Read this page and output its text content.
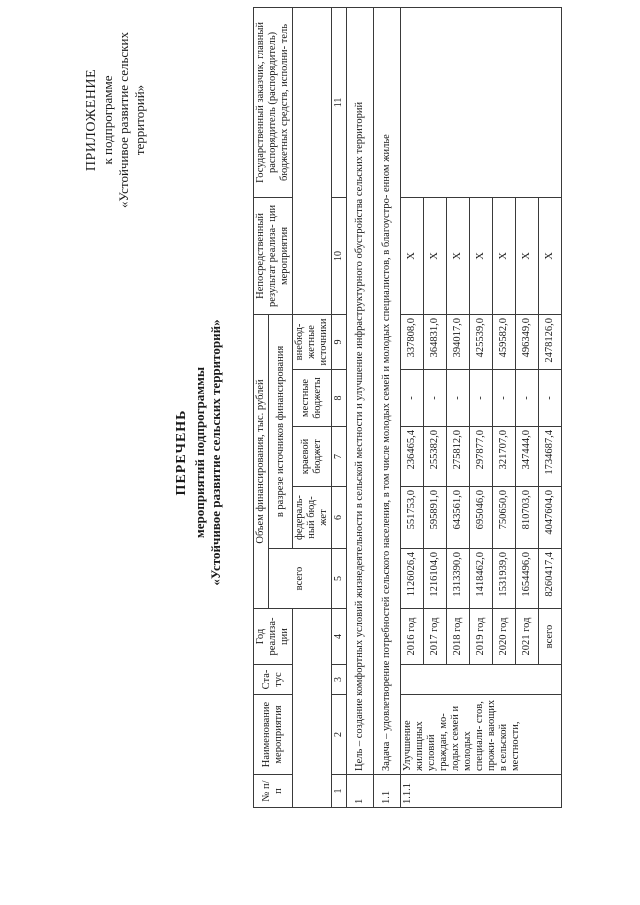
ПРИЛОЖЕНИЕ к подпрограмме «Устойчивое развитие сельских территорий»
ПЕРЕЧЕНЬ мероприятий подпрограммы «Устойчивое развитие сельских территорий»
№ п/п	Наименование мероприятия	Ста- тус	Год реализа- ции	Объем финансирования, тыс. рублей					Непосредственный результат реализа- ции мероприятия	Государственный заказчик, главный распорядитель (распорядитель) бюджетных средств, исполни- тель
				всего	в разрезе источников финансирования					
					федераль- ный бюд- жет	краевой бюджет	местные бюджеты	внебюд- жетные источники		
1	2	3	4	5	6	7	8	9	10	11
1	Цель – создание комфортных условий жизнедеятельности в сельской местности и улучшение инфраструктурного обустройства сельских территорий									
1.1	Задача – удовлетворение потребностей сельского населения, в том числе молодых семей и молодых специалистов, в благоустро- енном жилье									
1.1.1	Улучшение жилищных условий граждан, мо- лодых семей и молодых специали- стов, прожи- вающих в сельской местности,		2016 год	1126026,4	551753,0	236465,4	-	337808,0	Х	
			2017 год	1216104,0	595891,0	255382,0	-	364831,0	Х	
			2018 год	1313390,0	643561,0	275812,0	-	394017,0	Х	
			2019 год	1418462,0	695046,0	297877,0	-	425539,0	Х	
			2020 год	1531939,0	750650,0	321707,0	-	459582,0	Х	
			2021 год	1654496,0	810703,0	347444,0	-	496349,0	Х	
			всего	8260417,4	4047604,0	1734687,4	-	2478126,0	Х	
